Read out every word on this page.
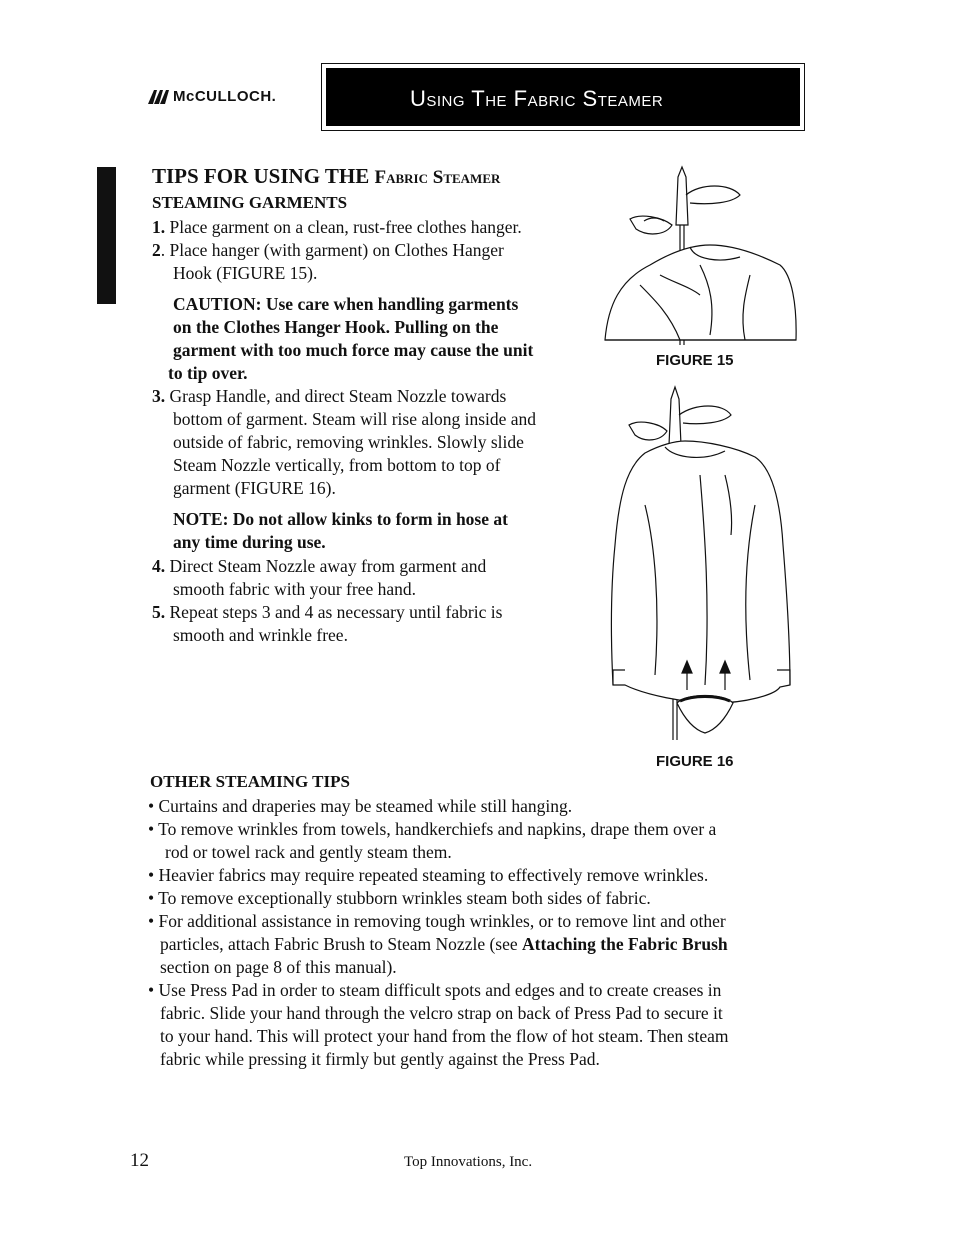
McCULLOCH.	Using The Fabric Steamer
TIPS FOR USING THE Fabric Steamer
STEAMING GARMENTS
1. Place garment on a clean, rust-free clothes hanger.
2. Place hanger (with garment) on Clothes Hanger
Hook (FIGURE 15).
CAUTION: Use care when handling garments
on the Clothes Hanger Hook. Pulling on the
garment with too much force may cause the unit
to tip over.
3. Grasp Handle, and direct Steam Nozzle towards
bottom of garment. Steam will rise along inside and
outside of fabric, removing wrinkles. Slowly slide
Steam Nozzle vertically, from bottom to top of
garment (FIGURE 16).
NOTE: Do not allow kinks to form in hose at
any time during use.
4. Direct Steam Nozzle away from garment and
smooth fabric with your free hand.
5. Repeat steps 3 and 4 as necessary until fabric is
smooth and wrinkle free.
FIGURE 15
FIGURE 16
OTHER STEAMING TIPS
• Curtains and draperies may be steamed while still hanging.
• To remove wrinkles from towels, handkerchiefs and napkins, drape them over a
rod or towel rack and gently steam them.
• Heavier fabrics may require repeated steaming to effectively remove wrinkles.
• To remove exceptionally stubborn wrinkles steam both sides of fabric.
• For additional assistance in removing tough wrinkles, or to remove lint and other
particles, attach Fabric Brush to Steam Nozzle (see Attaching the Fabric Brush
section on page 8 of this manual).
• Use Press Pad in order to steam difficult spots and edges and to create creases in
fabric. Slide your hand through the velcro strap on back of Press Pad to secure it
to your hand. This will protect your hand from the flow of hot steam. Then steam
fabric while pressing it firmly but gently against the Press Pad.
12	Top Innovations, Inc.
